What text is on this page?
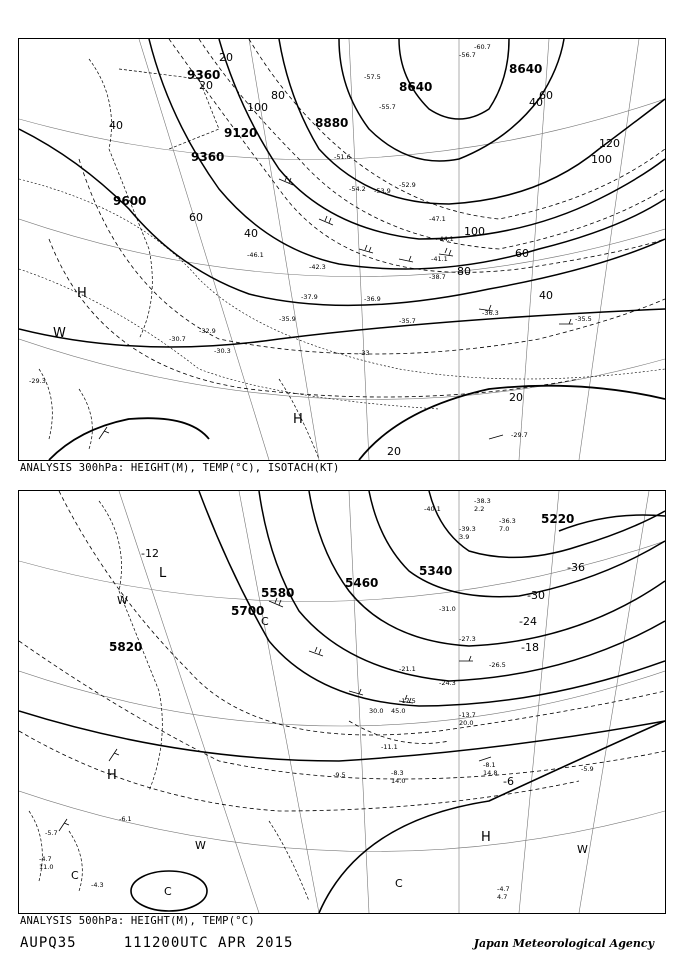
9360
9360
9120
8880
8640
8640
9600
20
20
40
60
80
100
100
120
100
80
60
40
60
40
40
20
20
H
H
W
-57.5
-54.2 -53.9
-52.9
-47.1
-44.1
-41.1
-38.7
-36.9
-35.7
-36.3
-35.5
-29.7
-29.3
-30.7
-32.9
-33
-30.3
-35.9
-37.9
-42.3
-46.1
-60.7
-56.7
-55.7
-51.6
ANALYSIS 300hPa: HEIGHT(M), TEMP(°C), ISOTACH(KT)
5220
5340
5460
5580
5700
5820
-12
-36
-30
-24
-18
-6
L
H
H
W
W	W
C
C
C
C
-38.3
2.2
-39.3
3.9
-36.3
7.0
-40.1
-31.0
-27.3
-26.5
-24.3
-21.1
-17.5
-13.7
-8.1
14.8
-8.3
14.0
-11.1
-9.5
-5.9
-4.7
4.7
-4.3
-5.7
11.0
-6.1
-4.7
30.0 45.0
20.0
ANALYSIS 500hPa: HEIGHT(M), TEMP(°C)
AUPQ35     111200UTC APR 2015	Japan Meteorological Agency
